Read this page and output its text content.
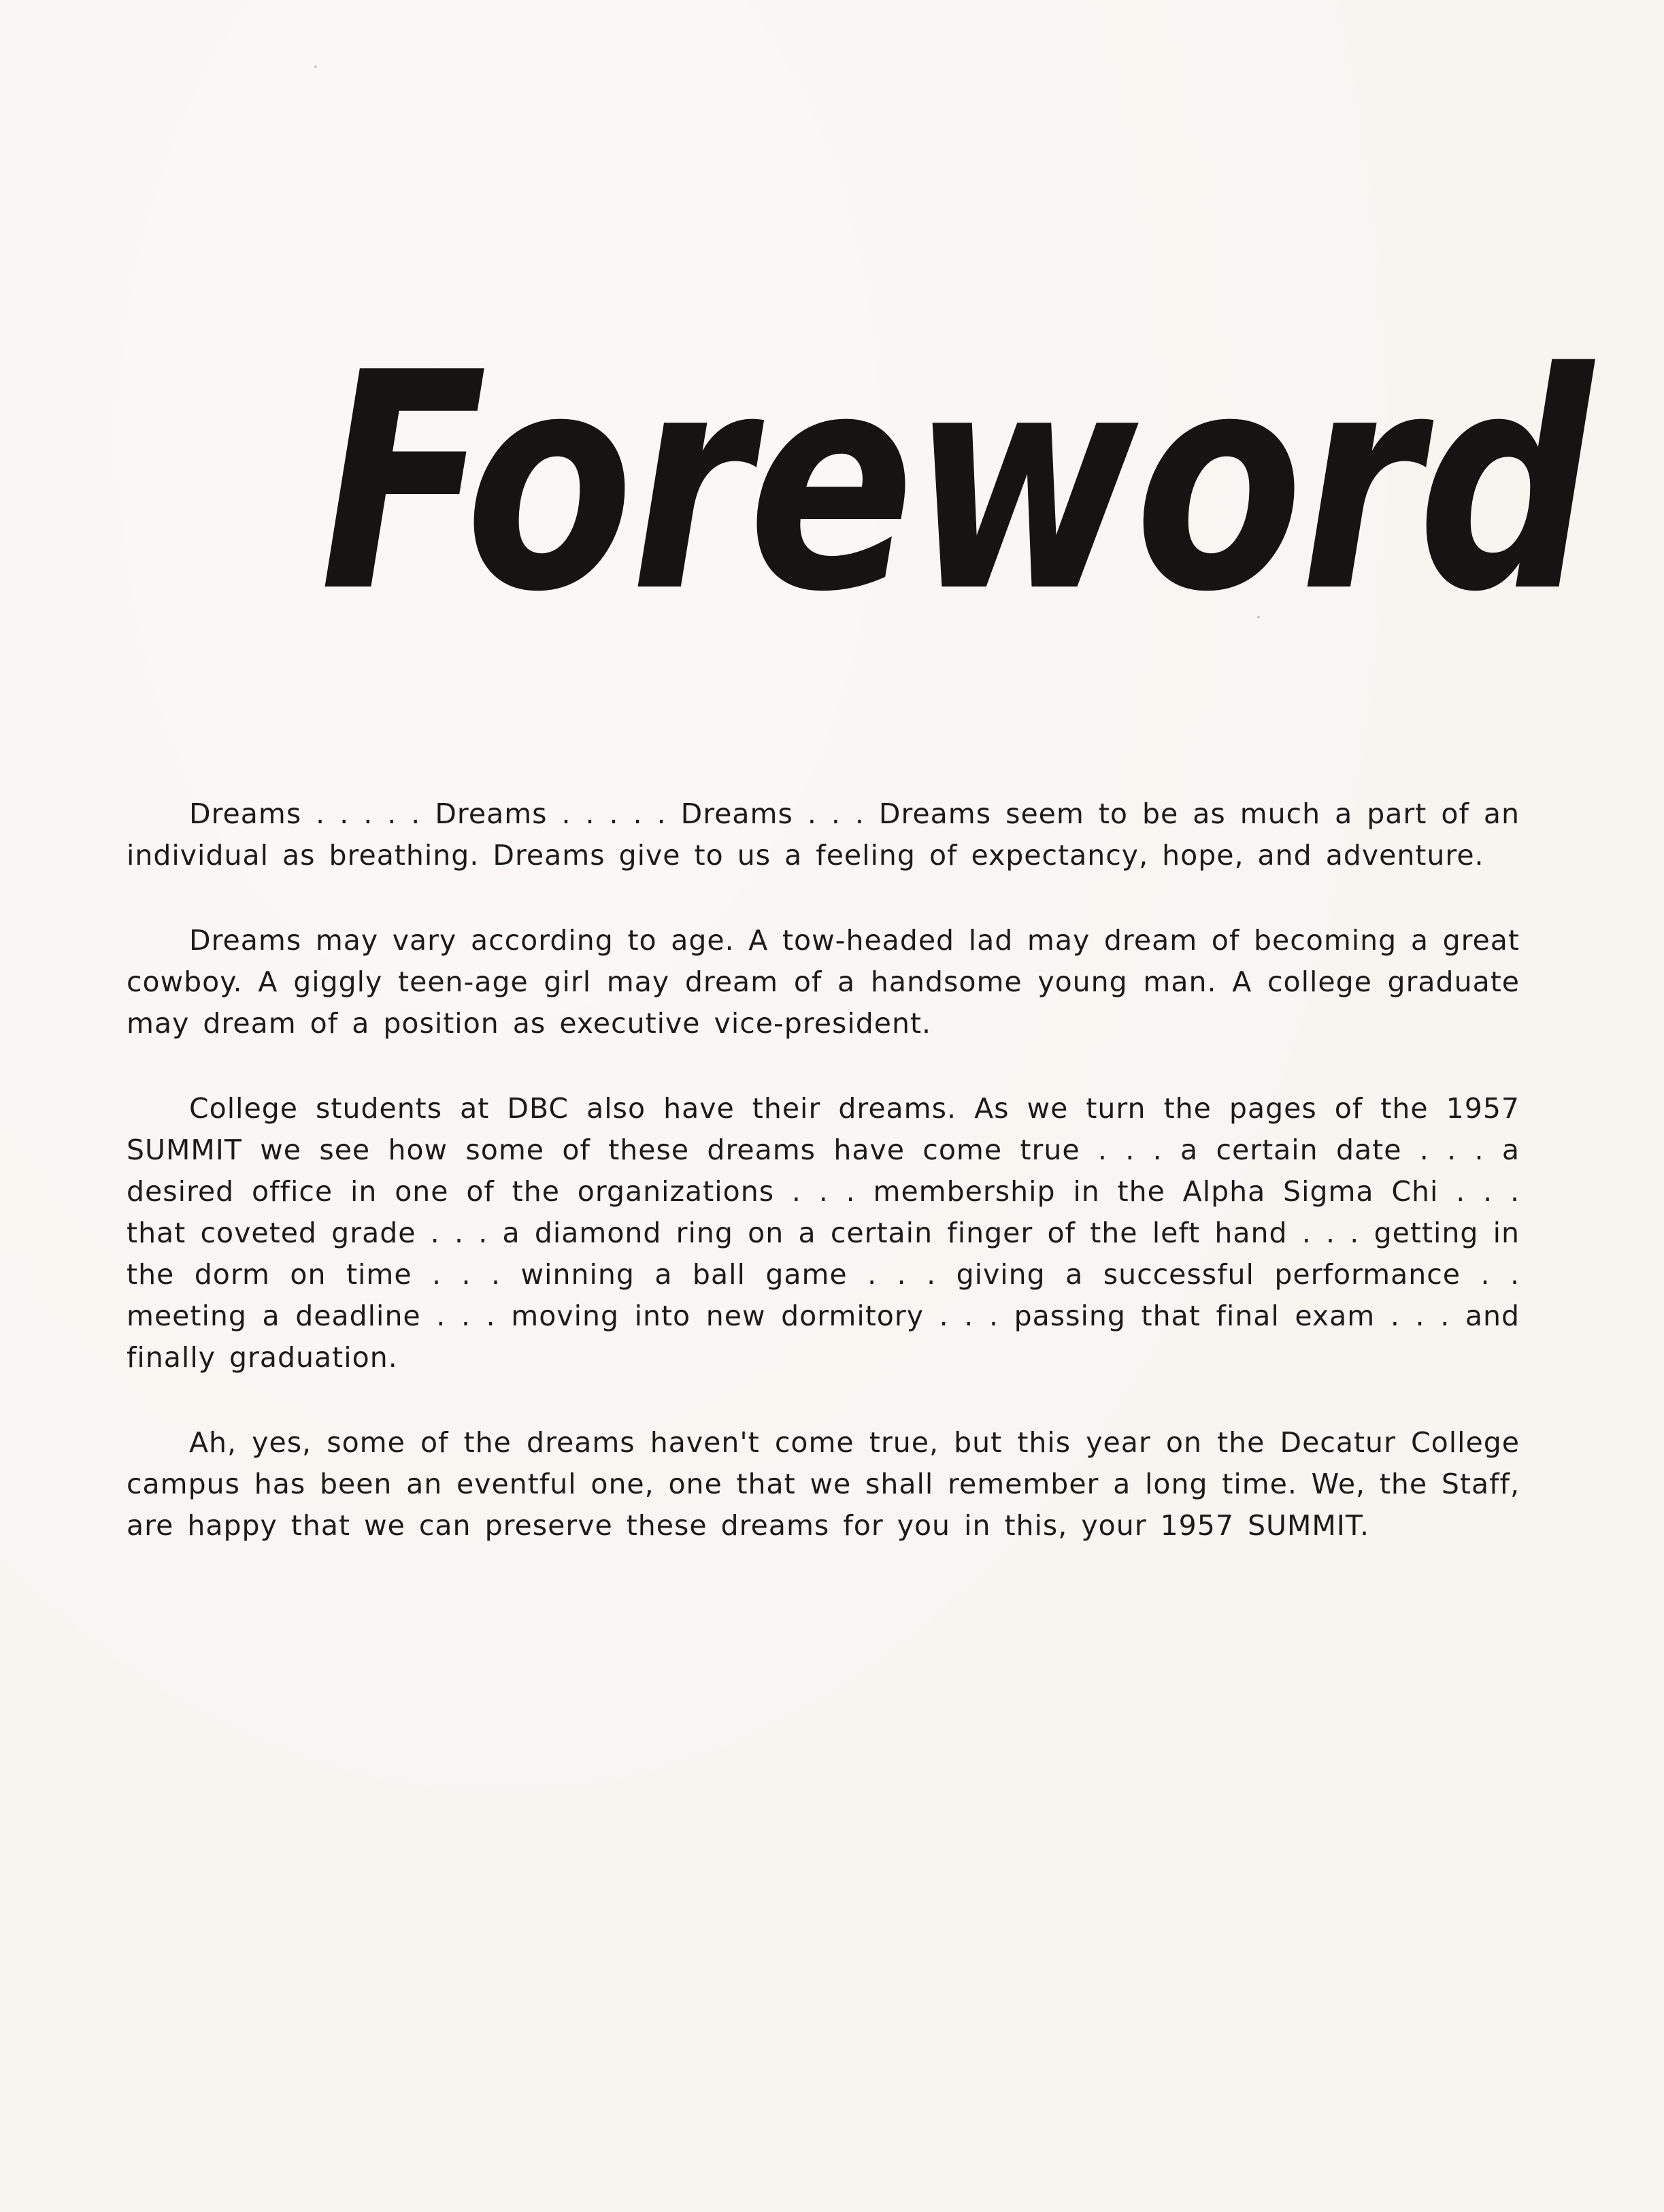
Foreword

Dreams . . . . . Dreams . . . . . Dreams . . . Dreams seem to be as much a part of an individual as breathing. Dreams give to us a feeling of expectancy, hope, and adventure.

Dreams may vary according to age. A tow-headed lad may dream of becoming a great cowboy. A giggly teen-age girl may dream of a handsome young man. A college graduate may dream of a position as executive vice-president.

College students at DBC also have their dreams. As we turn the pages of the 1957 SUMMIT we see how some of these dreams have come true . . . a certain date . . . a desired office in one of the organizations . . . membership in the Alpha Sigma Chi . . . that coveted grade . . . a diamond ring on a certain finger of the left hand . . . getting in the dorm on time . . . winning a ball game . . . giving a successful performance . . meeting a deadline . . . moving into new dormitory . . . passing that final exam . . . and finally graduation.

Ah, yes, some of the dreams haven't come true, but this year on the Decatur College campus has been an eventful one, one that we shall remember a long time. We, the Staff, are happy that we can preserve these dreams for you in this, your 1957 SUMMIT.
